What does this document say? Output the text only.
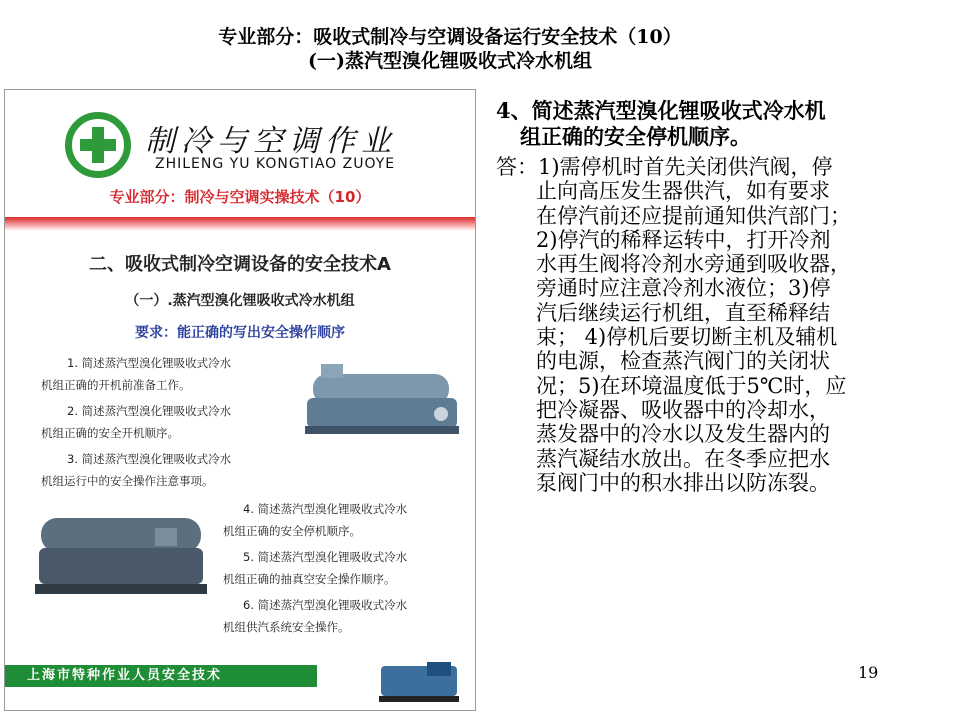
专业部分：吸收式制冷与空调设备运行安全技术（10）
(一)蒸汽型溴化锂吸收式冷水机组
制冷与空调作业
ZHILENG YU KONGTIAO ZUOYE
专业部分：制冷与空调实操技术（10）
二、吸收式制冷空调设备的安全技术A
（一）.蒸汽型溴化锂吸收式冷水机组
要求：能正确的写出安全操作顺序
1. 简述蒸汽型溴化锂吸收式冷水
机组正确的开机前准备工作。
2. 简述蒸汽型溴化锂吸收式冷水
机组正确的安全开机顺序。
3. 简述蒸汽型溴化锂吸收式冷水
机组运行中的安全操作注意事项。
4. 简述蒸汽型溴化锂吸收式冷水
机组正确的安全停机顺序。
5. 简述蒸汽型溴化锂吸收式冷水
机组正确的抽真空安全操作顺序。
6. 简述蒸汽型溴化锂吸收式冷水
机组供汽系统安全操作。
上海市特种作业人员安全技术
4、简述蒸汽型溴化锂吸收式冷水机
组正确的安全停机顺序。
答：1)需停机时首先关闭供汽阀，停
止向高压发生器供汽，如有要求
在停汽前还应提前通知供汽部门；
2)停汽的稀释运转中，打开冷剂
水再生阀将冷剂水旁通到吸收器，
旁通时应注意冷剂水液位；3)停
汽后继续运行机组，直至稀释结
束； 4)停机后要切断主机及辅机
的电源，检查蒸汽阀门的关闭状
况；5)在环境温度低于5℃时，应
把冷凝器、吸收器中的冷却水，
蒸发器中的冷水以及发生器内的
蒸汽凝结水放出。在冬季应把水
泵阀门中的积水排出以防冻裂。
19
